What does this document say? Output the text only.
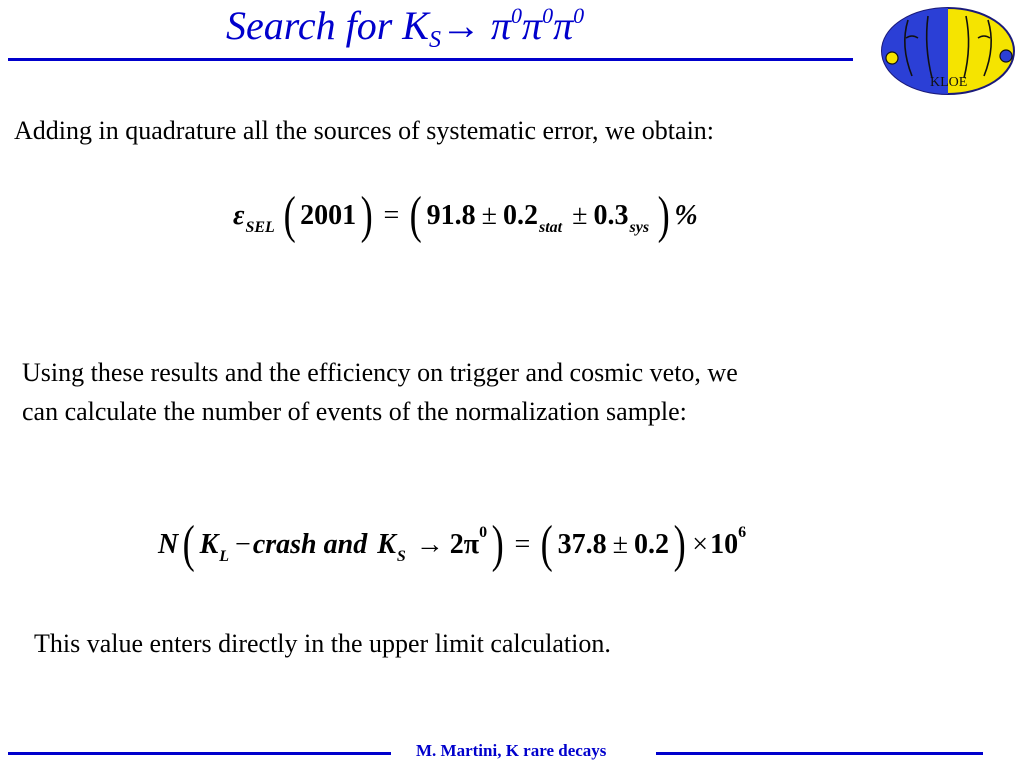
Search for $K_S\to \pi^0\pi^0\pi^0$
KLOE
Adding in quadrature all the sources of systematic error, we obtain:
ε SEL ( 2001 ) = ( 91.8 ± 0.2 stat ± 0.3 sys ) %
Using these results and the efficiency on trigger and cosmic veto, we
can calculate the number of events of the normalization sample:
N ( K L − crash and K S → 2π 0 ) = ( 37.8 ± 0.2 ) × 10 6
This value enters directly in the upper limit calculation.
M. Martini, K rare decays
